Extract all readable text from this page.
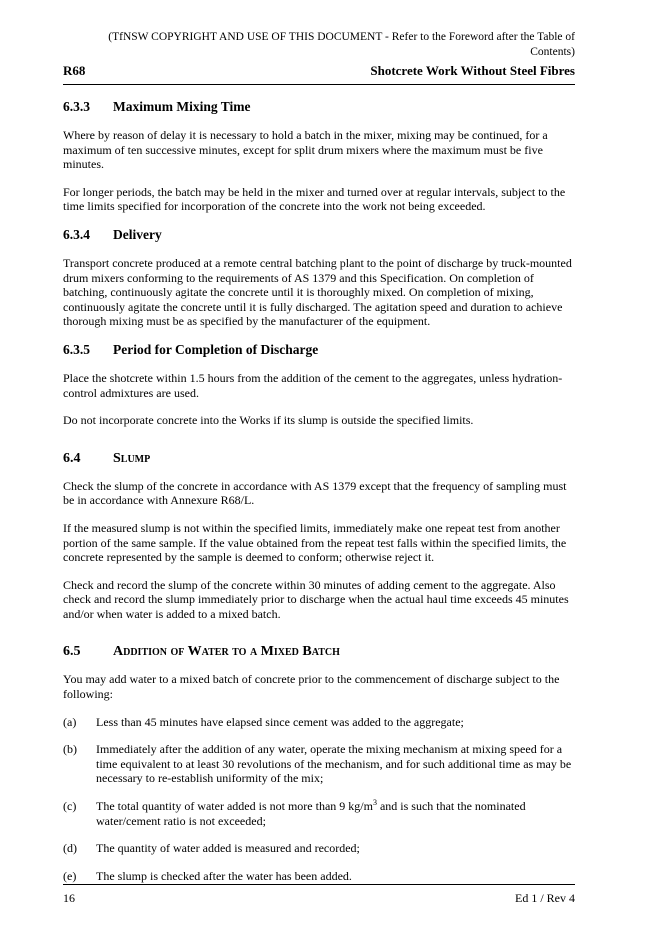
(TfNSW COPYRIGHT AND USE OF THIS DOCUMENT - Refer to the Foreword after the Table of Contents)

R68	Shotcrete Work Without Steel Fibres
6.3.3	Maximum Mixing Time

Where by reason of delay it is necessary to hold a batch in the mixer, mixing may be continued, for a maximum of ten successive minutes, except for split drum mixers where the maximum must be five minutes.

For longer periods, the batch may be held in the mixer and turned over at regular intervals, subject to the time limits specified for incorporation of the concrete into the work not being exceeded.

6.3.4	Delivery

Transport concrete produced at a remote central batching plant to the point of discharge by truck-mounted drum mixers conforming to the requirements of AS 1379 and this Specification. On completion of batching, continuously agitate the concrete until it is thoroughly mixed. On completion of mixing, continuously agitate the concrete until it is fully discharged. The agitation speed and duration to achieve thorough mixing must be as specified by the manufacturer of the equipment.

6.3.5	Period for Completion of Discharge

Place the shotcrete within 1.5 hours from the addition of the cement to the aggregates, unless hydration-control admixtures are used.

Do not incorporate concrete into the Works if its slump is outside the specified limits.

6.4	Slump

Check the slump of the concrete in accordance with AS 1379 except that the frequency of sampling must be in accordance with Annexure R68/L.

If the measured slump is not within the specified limits, immediately make one repeat test from another portion of the same sample. If the value obtained from the repeat test falls within the specified limits, the concrete represented by the sample is deemed to conform; otherwise reject it.

Check and record the slump of the concrete within 30 minutes of adding cement to the aggregate. Also check and record the slump immediately prior to discharge when the actual haul time exceeds 45 minutes and/or when water is added to a mixed batch.

6.5	Addition of Water to a Mixed Batch

You may add water to a mixed batch of concrete prior to the commencement of discharge subject to the following:

(a)	Less than 45 minutes have elapsed since cement was added to the aggregate;
(b)	Immediately after the addition of any water, operate the mixing mechanism at mixing speed for a time equivalent to at least 30 revolutions of the mechanism, and for such additional time as may be necessary to re-establish uniformity of the mix;
(c)	The total quantity of water added is not more than 9 $kg/m^3$ and is such that the nominated water/cement ratio is not exceeded;
(d)	The quantity of water added is measured and recorded;
(e)	The slump is checked after the water has been added.
16	Ed 1 / Rev 4
